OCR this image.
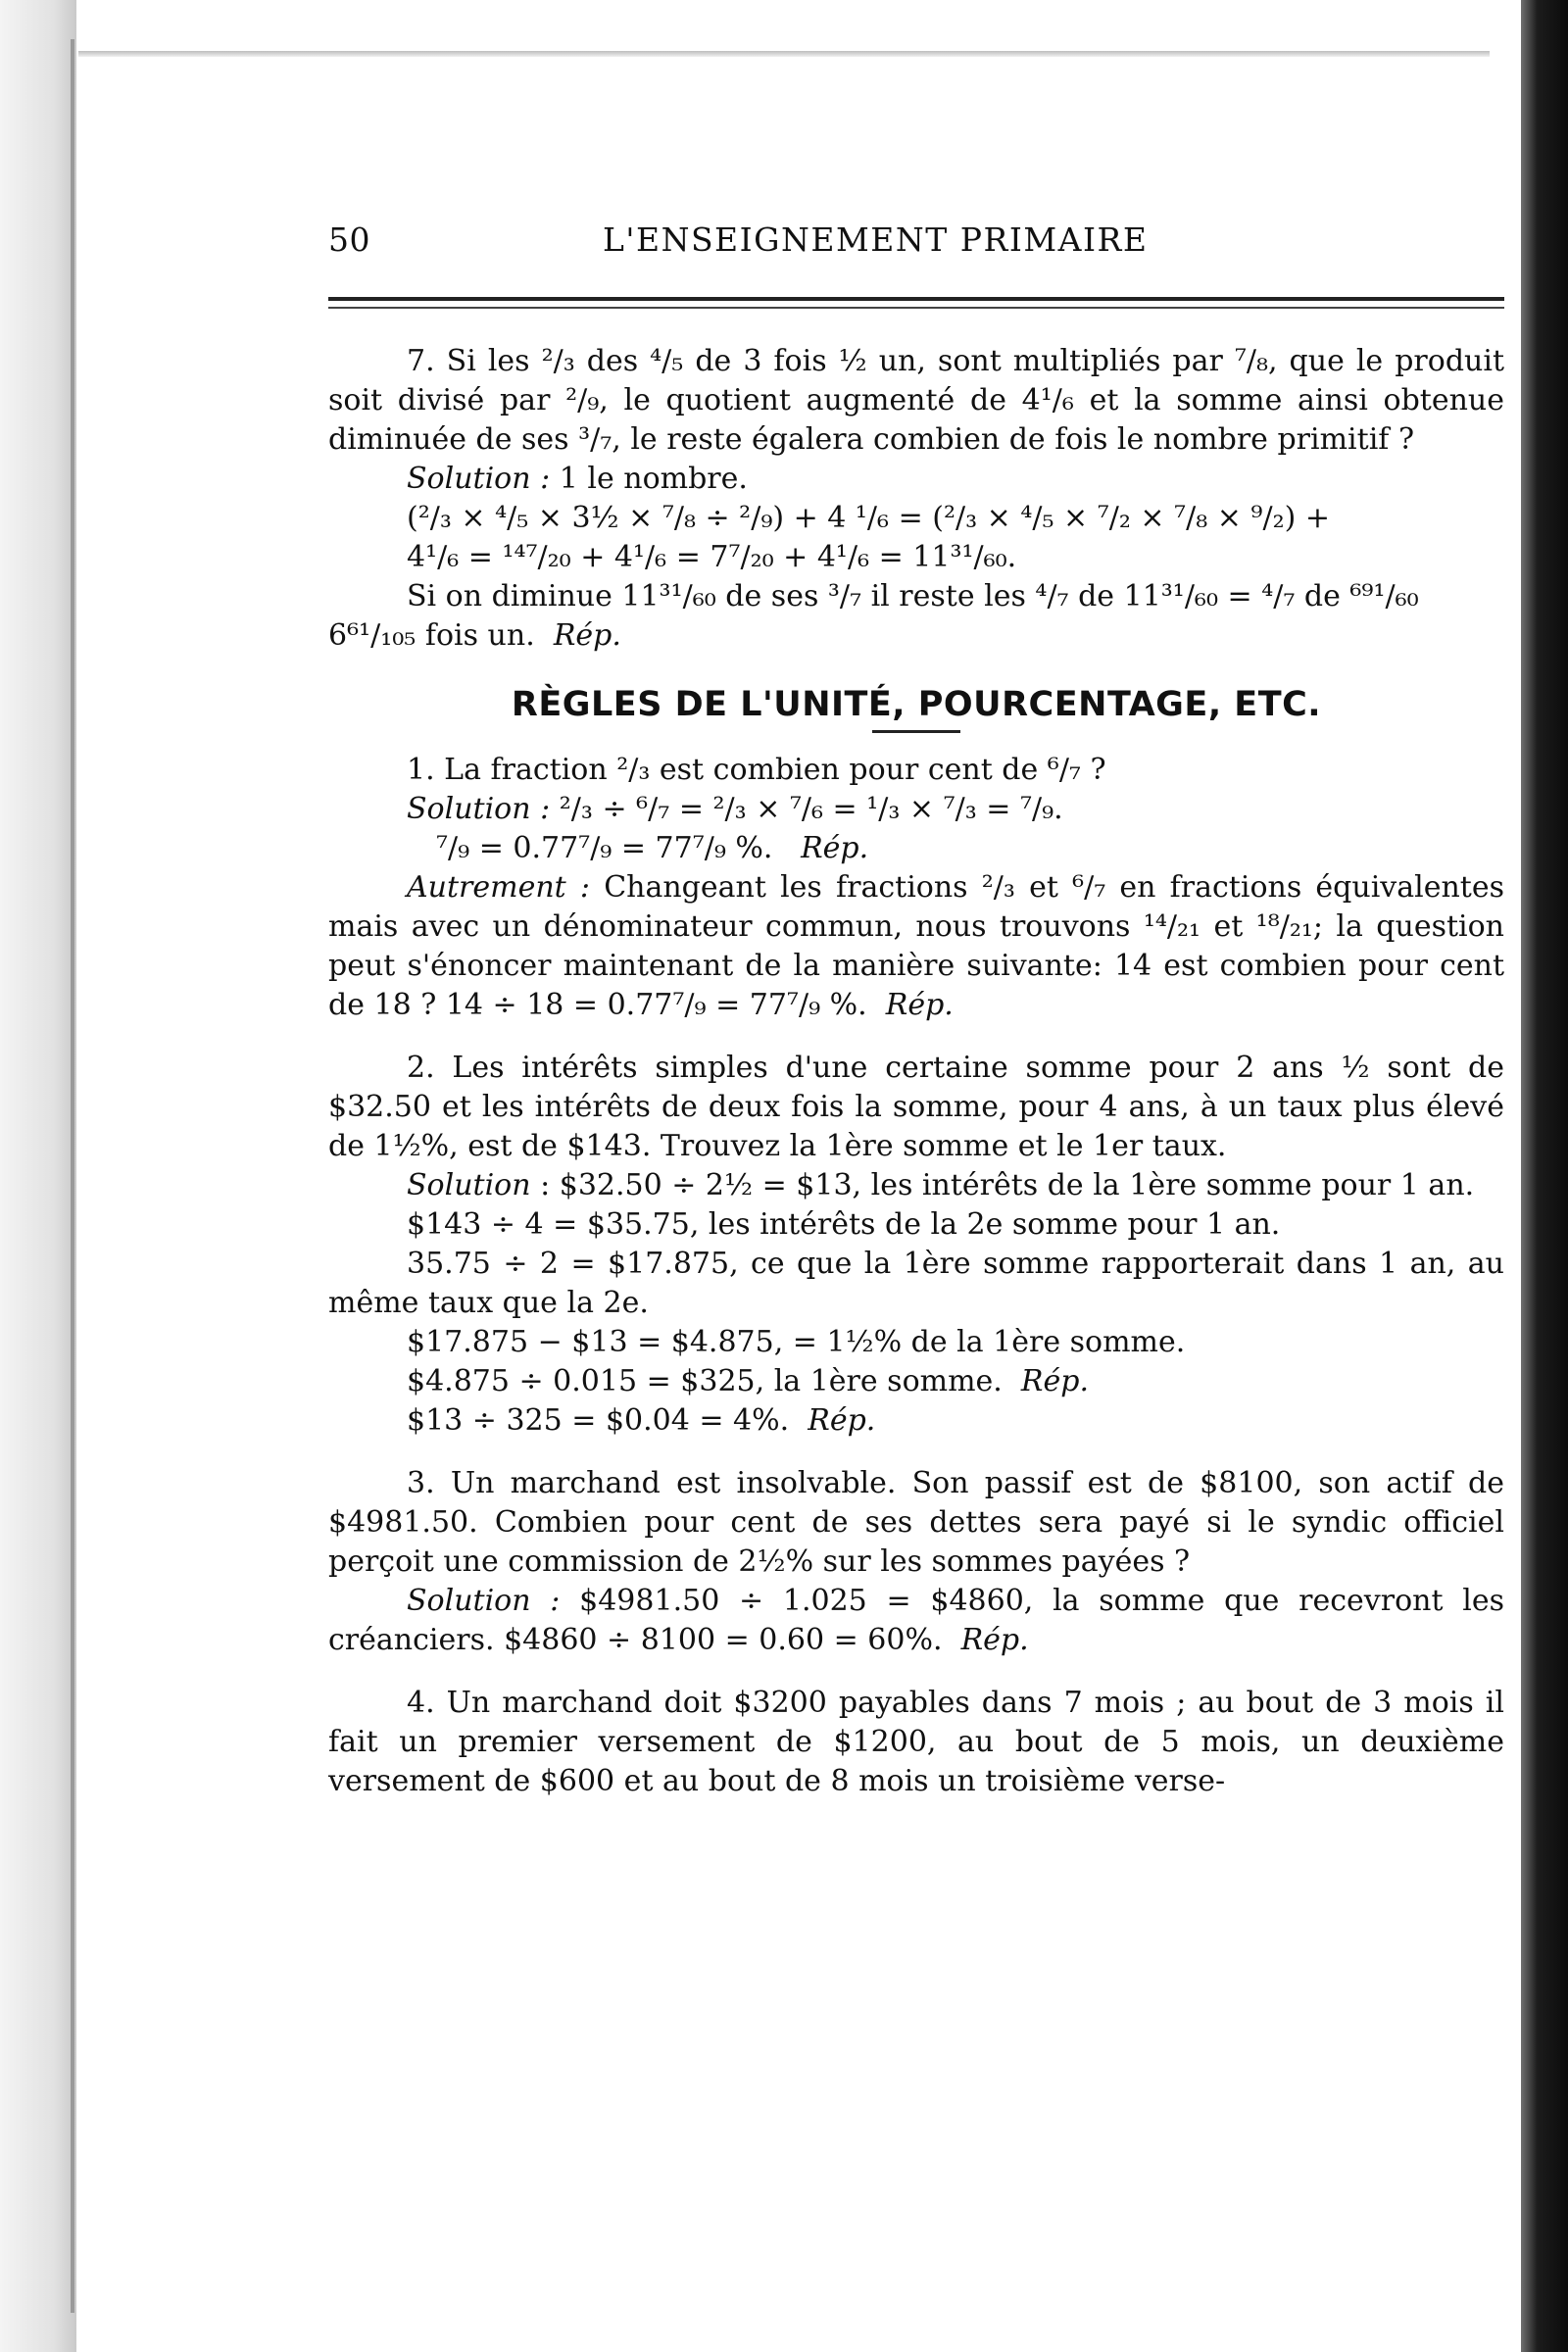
50	L'ENSEIGNEMENT PRIMAIRE

7. Si les ²/₃ des ⁴/₅ de 3 fois ½ un, sont multipliés par ⁷/₈, que le produit soit divisé par ²/₉, le quotient augmenté de 4¹/₆ et la somme ainsi obtenue diminuée de ses ³/₇, le reste égalera combien de fois le nombre primitif ?

Solution : 1 le nombre.

(²/₃ × ⁴/₅ × 3½ × ⁷/₈ ÷ ²/₉) + 4 ¹/₆ = (²/₃ × ⁴/₅ × ⁷/₂ × ⁷/₈ × ⁹/₂) +

4¹/₆ = ¹⁴⁷/₂₀ + 4¹/₆ = 7⁷/₂₀ + 4¹/₆ = 11³¹/₆₀.

Si on diminue 11³¹/₆₀ de ses ³/₇ il reste les ⁴/₇ de 11³¹/₆₀ = ⁴/₇ de ⁶⁹¹/₆₀

6⁶¹/₁₀₅ fois un. Rép.

RÈGLES DE L'UNITÉ, POURCENTAGE, ETC.

1. La fraction ²/₃ est combien pour cent de ⁶/₇ ?

Solution : ²/₃ ÷ ⁶/₇ = ²/₃ × ⁷/₆ = ¹/₃ × ⁷/₃ = ⁷/₉.

⁷/₉ = 0.77⁷/₉ = 77⁷/₉ %. Rép.

Autrement : Changeant les fractions ²/₃ et ⁶/₇ en fractions équivalentes mais avec un dénominateur commun, nous trouvons ¹⁴/₂₁ et ¹⁸/₂₁; la question peut s'énoncer maintenant de la manière suivante: 14 est combien pour cent de 18 ? 14 ÷ 18 = 0.77⁷/₉ = 77⁷/₉ %. Rép.

2. Les intérêts simples d'une certaine somme pour 2 ans ½ sont de $32.50 et les intérêts de deux fois la somme, pour 4 ans, à un taux plus élevé de 1½%, est de $143. Trouvez la 1ère somme et le 1er taux.

Solution : $32.50 ÷ 2½ = $13, les intérêts de la 1ère somme pour 1 an.

$143 ÷ 4 = $35.75, les intérêts de la 2e somme pour 1 an.

35.75 ÷ 2 = $17.875, ce que la 1ère somme rapporterait dans 1 an, au même taux que la 2e.

$17.875 − $13 = $4.875, = 1½% de la 1ère somme.

$4.875 ÷ 0.015 = $325, la 1ère somme. Rép.

$13 ÷ 325 = $0.04 = 4%. Rép.

3. Un marchand est insolvable. Son passif est de $8100, son actif de $4981.50. Combien pour cent de ses dettes sera payé si le syndic officiel perçoit une commission de 2½% sur les sommes payées ?

Solution : $4981.50 ÷ 1.025 = $4860, la somme que recevront les créanciers. $4860 ÷ 8100 = 0.60 = 60%. Rép.

4. Un marchand doit $3200 payables dans 7 mois ; au bout de 3 mois il fait un premier versement de $1200, au bout de 5 mois, un deuxième versement de $600 et au bout de 8 mois un troisième verse-
